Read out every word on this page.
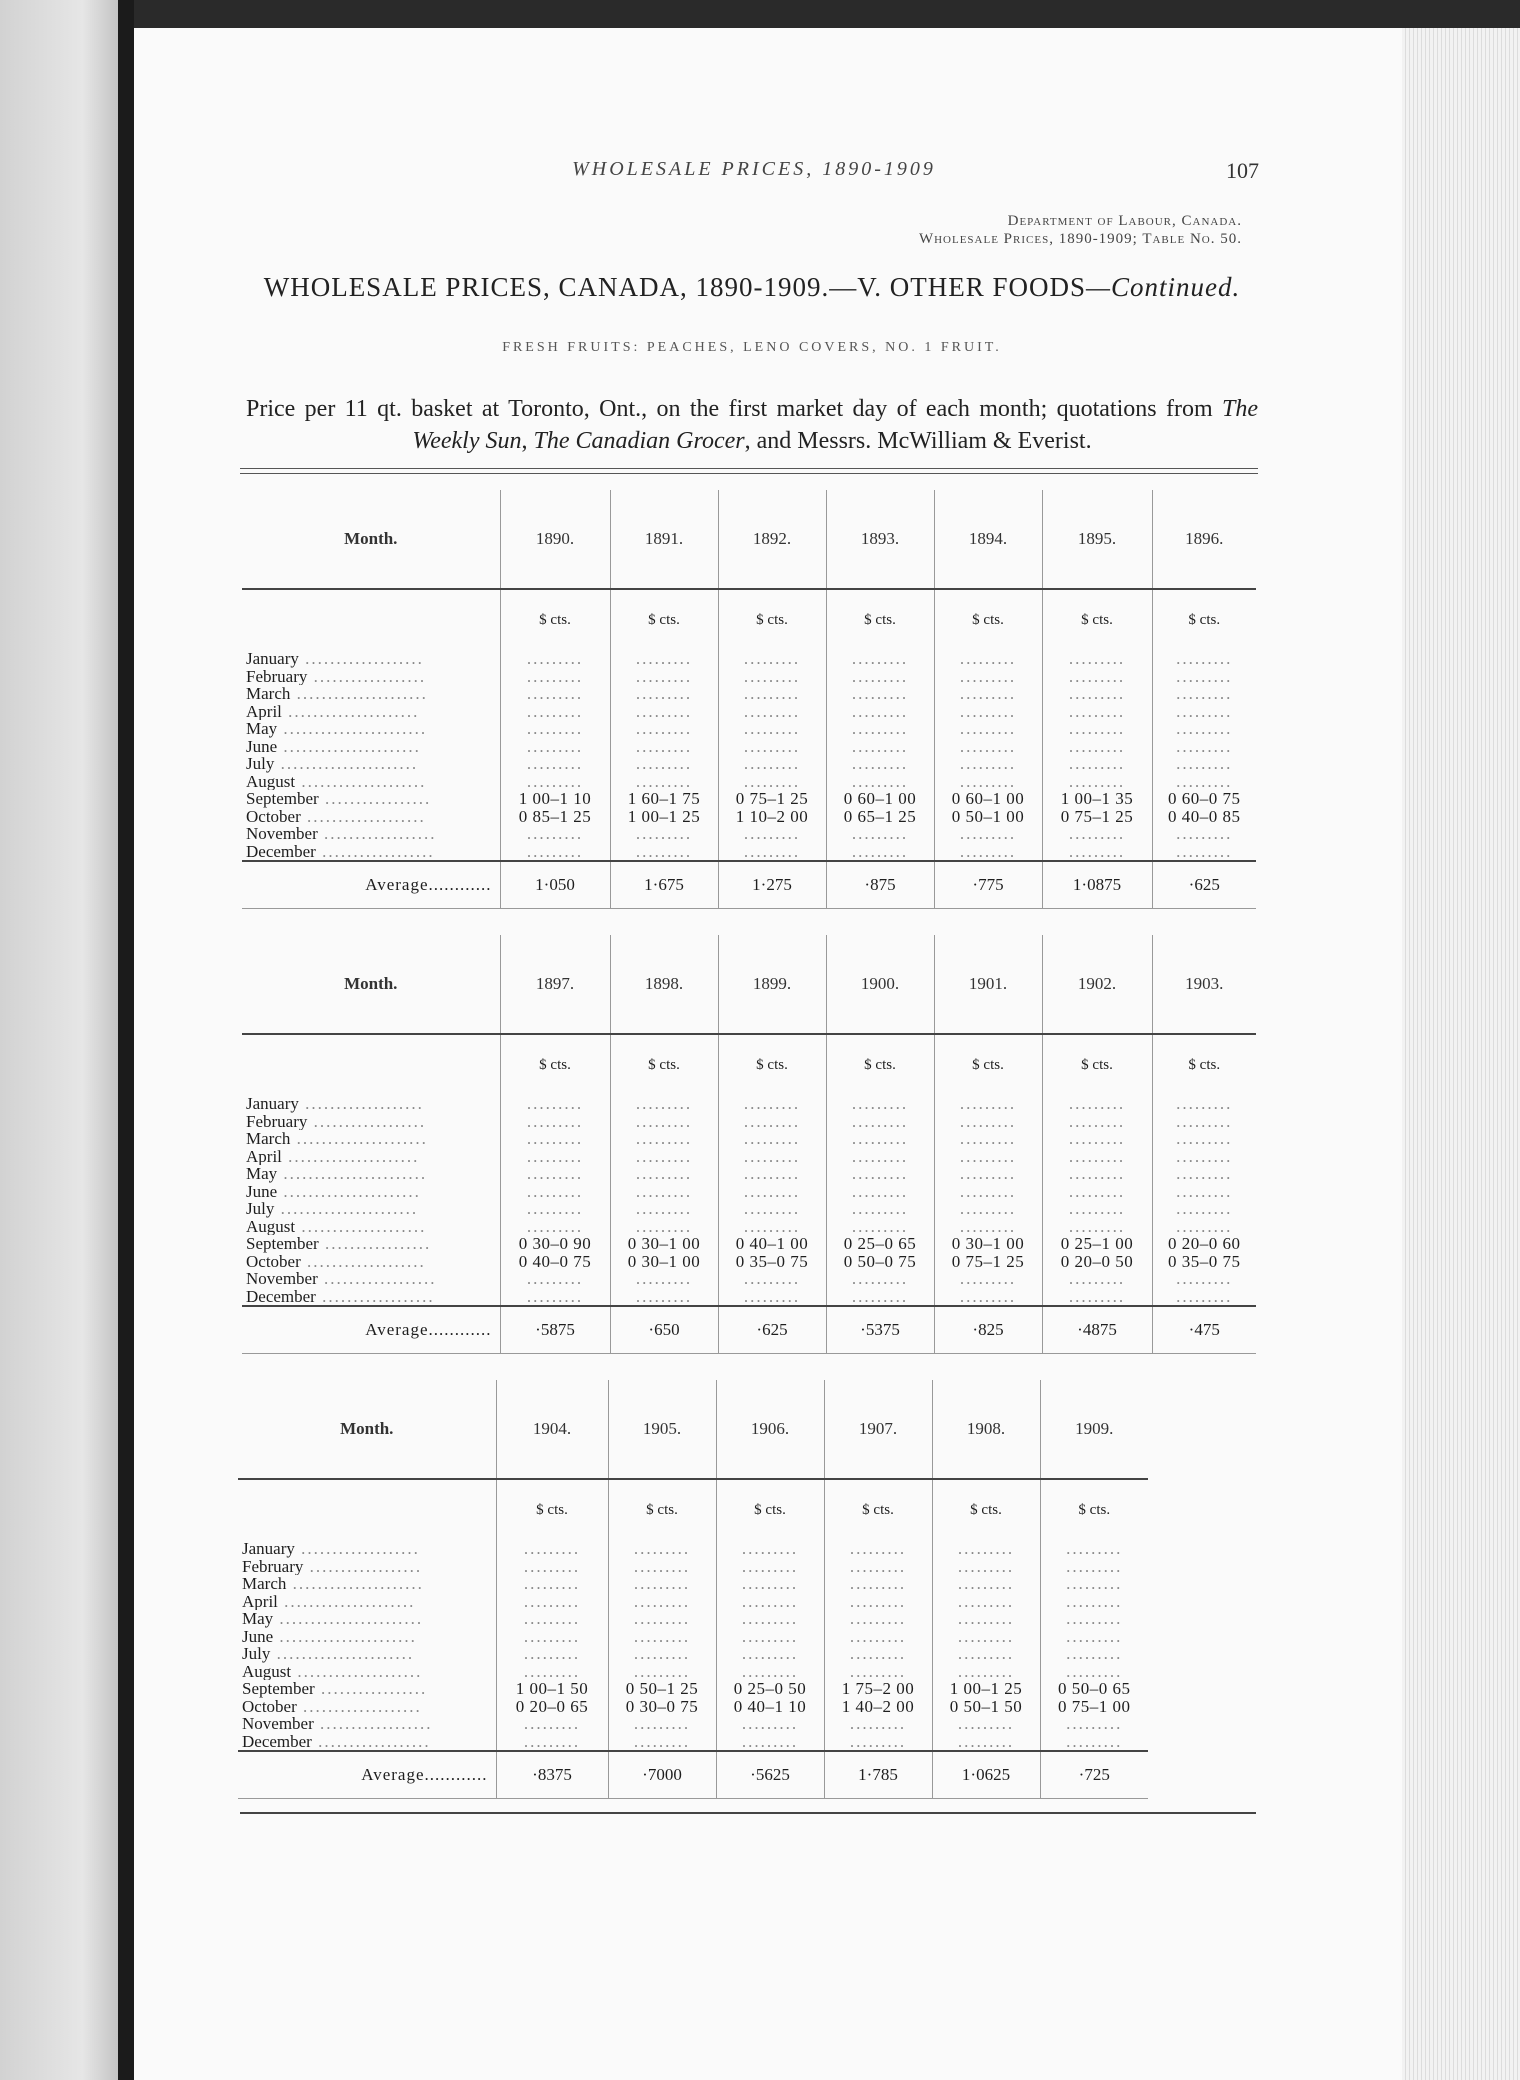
WHOLESALE PRICES, 1890-1909	107

Department of Labour, Canada.

Wholesale Prices, 1890-1909; Table No. 50.

WHOLESALE PRICES, CANADA, 1890-1909.—V. OTHER FOODS—Continued.

FRESH FRUITS: PEACHES, LENO COVERS, NO. 1 FRUIT.

Price per 11 qt. basket at Toronto, Ont., on the first market day of each month; quotations from The Weekly Sun, The Canadian Grocer, and Messrs. McWilliam & Everist.

Month.	1890.	1891.	1892.	1893.	1894.	1895.	1896.
	$ cts.	$ cts.	$ cts.	$ cts.	$ cts.	$ cts.	$ cts.
January ...................	.........	.........	.........	.........	.........	.........	.........
February ..................	.........	.........	.........	.........	.........	.........	.........
March .....................	.........	.........	.........	.........	.........	.........	.........
April .....................	.........	.........	.........	.........	.........	.........	.........
May .......................	.........	.........	.........	.........	.........	.........	.........
June ......................	.........	.........	.........	.........	.........	.........	.........
July ......................	.........	.........	.........	.........	.........	.........	.........
August ....................	.........	.........	.........	.........	.........	.........	.........
September .................	1 00–1 10	1 60–1 75	0 75–1 25	0 60–1 00	0 60–1 00	1 00–1 35	0 60–0 75
October ...................	0 85–1 25	1 00–1 25	1 10–2 00	0 65–1 25	0 50–1 00	0 75–1 25	0 40–0 85
November ..................	.........	.........	.........	.........	.........	.........	.........
December ..................	.........	.........	.........	.........	.........	.........	.........
Average............	1·050	1·675	1·275	·875	·775	1·0875	·625
Month.	1897.	1898.	1899.	1900.	1901.	1902.	1903.
	$ cts.	$ cts.	$ cts.	$ cts.	$ cts.	$ cts.	$ cts.
January ...................	.........	.........	.........	.........	.........	.........	.........
February ..................	.........	.........	.........	.........	.........	.........	.........
March .....................	.........	.........	.........	.........	.........	.........	.........
April .....................	.........	.........	.........	.........	.........	.........	.........
May .......................	.........	.........	.........	.........	.........	.........	.........
June ......................	.........	.........	.........	.........	.........	.........	.........
July ......................	.........	.........	.........	.........	.........	.........	.........
August ....................	.........	.........	.........	.........	.........	.........	.........
September .................	0 30–0 90	0 30–1 00	0 40–1 00	0 25–0 65	0 30–1 00	0 25–1 00	0 20–0 60
October ...................	0 40–0 75	0 30–1 00	0 35–0 75	0 50–0 75	0 75–1 25	0 20–0 50	0 35–0 75
November ..................	.........	.........	.........	.........	.........	.........	.........
December ..................	.........	.........	.........	.........	.........	.........	.........
Average............	·5875	·650	·625	·5375	·825	·4875	·475
Month.	1904.	1905.	1906.	1907.	1908.	1909.
	$ cts.	$ cts.	$ cts.	$ cts.	$ cts.	$ cts.
January ...................	.........	.........	.........	.........	.........	.........
February ..................	.........	.........	.........	.........	.........	.........
March .....................	.........	.........	.........	.........	.........	.........
April .....................	.........	.........	.........	.........	.........	.........
May .......................	.........	.........	.........	.........	.........	.........
June ......................	.........	.........	.........	.........	.........	.........
July ......................	.........	.........	.........	.........	.........	.........
August ....................	.........	.........	.........	.........	.........	.........
September .................	1 00–1 50	0 50–1 25	0 25–0 50	1 75–2 00	1 00–1 25	0 50–0 65
October ...................	0 20–0 65	0 30–0 75	0 40–1 10	1 40–2 00	0 50–1 50	0 75–1 00
November ..................	.........	.........	.........	.........	.........	.........
December ..................	.........	.........	.........	.........	.........	.........
Average............	·8375	·7000	·5625	1·785	1·0625	·725
